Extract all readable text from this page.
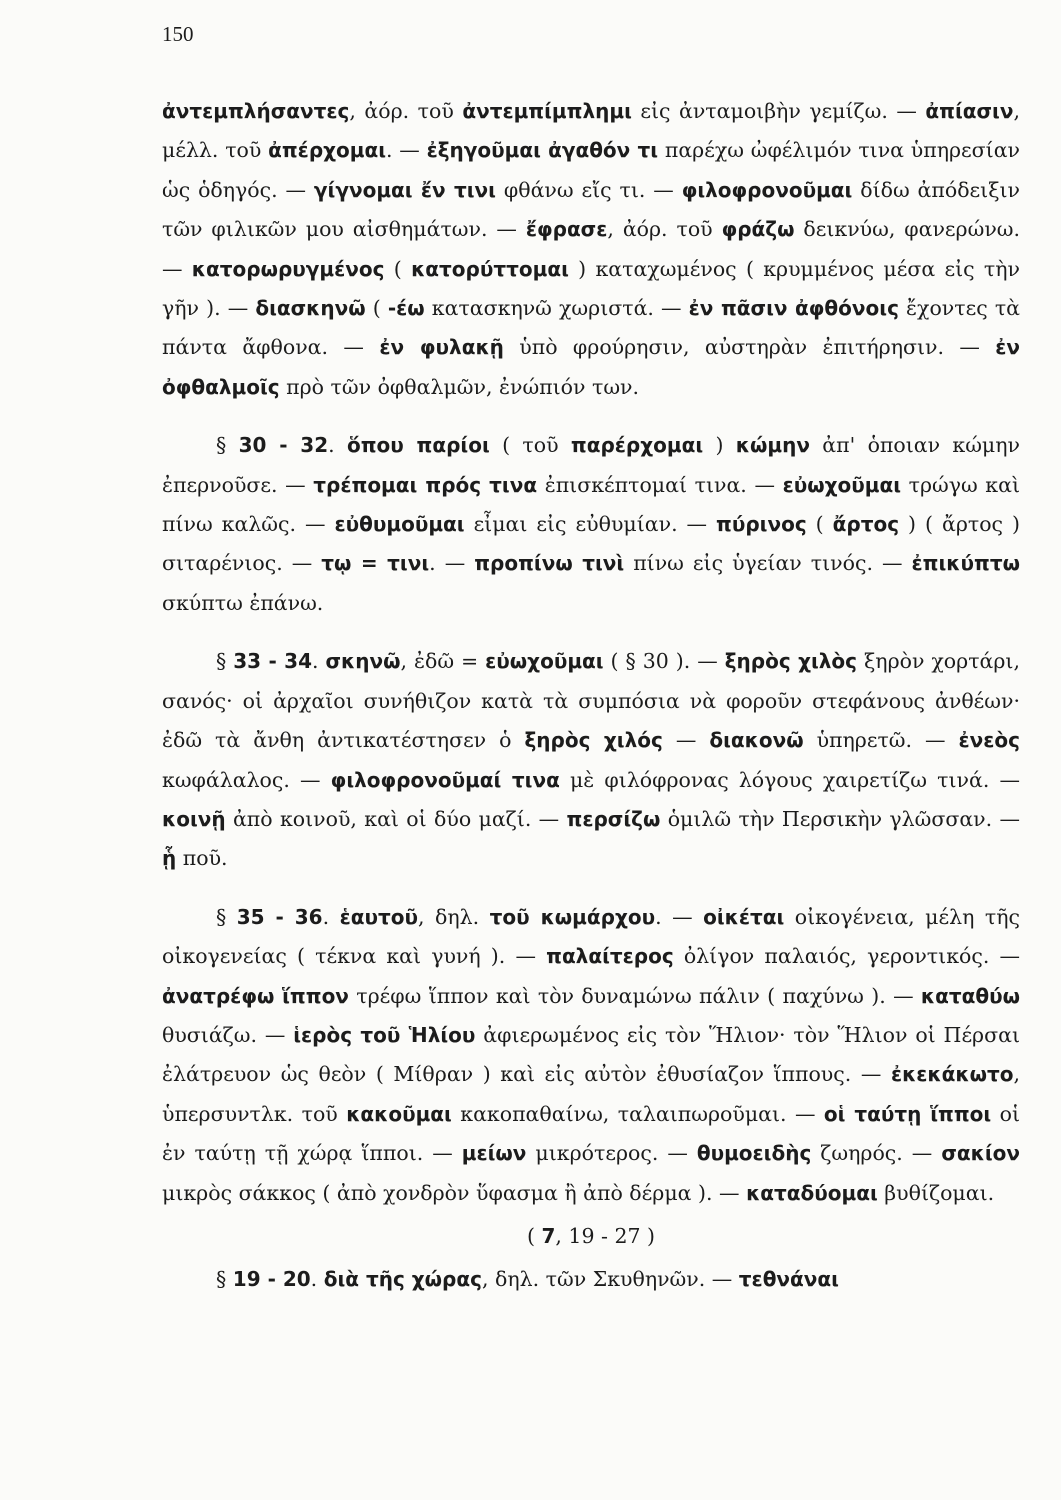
150

ἀντεμπλήσαντες, ἀόρ. τοῦ ἀντεμπίμπλημι εἰς ἀνταμοιβὴν γεμίζω. — ἀπίασιν, μέλλ. τοῦ ἀπέρχομαι. — ἐξηγοῦμαι ἀγαθόν τι παρέχω ὠφέλιμόν τινα ὑπηρεσίαν ὡς ὁδηγός. — γίγνομαι ἔν τινι φθάνω εἴς τι. — φιλοφρονοῦμαι δίδω ἀπόδειξιν τῶν φιλικῶν μου αἰσθημάτων. — ἔφρασε, ἀόρ. τοῦ φράζω δεικνύω, φανερώνω. — κατορωρυγμένος ( κατορύττομαι ) καταχωμένος ( κρυμμένος μέσα εἰς τὴν γῆν ). — διασκηνῶ ( -έω κατασκηνῶ χωριστά. — ἐν πᾶσιν ἀφθόνοις ἔχοντες τὰ πάντα ἄφθονα. — ἐν φυλακῇ ὑπὸ φρούρησιν, αὐστηρὰν ἐπιτήρησιν. — ἐν ὀφθαλμοῖς πρὸ τῶν ὀφθαλμῶν, ἐνώπιόν των.

§ 30 - 32. ὅπου παρίοι ( τοῦ παρέρχομαι ) κώμην ἀπ' ὁποιαν κώμην ἐπερνοῦσε. — τρέπομαι πρός τινα ἐπισκέπτομαί τινα. — εὐωχοῦμαι τρώγω καὶ πίνω καλῶς. — εὐθυμοῦμαι εἶμαι εἰς εὐθυμίαν. — πύρινος ( ἄρτος ) ( ἄρτος ) σιταρένιος. — τῳ = τινι. — προπίνω τινὶ πίνω εἰς ὑγείαν τινός. — ἐπικύπτω σκύπτω ἐπάνω.

§ 33 - 34. σκηνῶ, ἐδῶ = εὐωχοῦμαι ( § 30 ). — ξηρὸς χιλὸς ξηρὸν χορτάρι, σανός· οἱ ἀρχαῖοι συνήθιζον κατὰ τὰ συμπόσια νὰ φοροῦν στεφάνους ἀνθέων· ἐδῶ τὰ ἄνθη ἀντικατέστησεν ὁ ξηρὸς χιλός — διακονῶ ὑπηρετῶ. — ἐνεὸς κωφάλαλος. — φιλοφρονοῦμαί τινα μὲ φιλόφρονας λόγους χαιρετίζω τινά. — κοινῇ ἀπὸ κοινοῦ, καὶ οἱ δύο μαζί. — περσίζω ὁμιλῶ τὴν Περσικὴν γλῶσσαν. — ᾗ ποῦ.

§ 35 - 36. ἑαυτοῦ, δηλ. τοῦ κωμάρχου. — οἰκέται οἰκογένεια, μέλη τῆς οἰκογενείας ( τέκνα καὶ γυνή ). — παλαίτερος ὀλίγον παλαιός, γεροντικός. — ἀνατρέφω ἵππον τρέφω ἵππον καὶ τὸν δυναμώνω πάλιν ( παχύνω ). — καταθύω θυσιάζω. — ἱερὸς τοῦ Ἡλίου ἀφιερωμένος εἰς τὸν Ἥλιον· τὸν Ἥλιον οἱ Πέρσαι ἐλάτρευον ὡς θεὸν ( Μίθραν ) καὶ εἰς αὐτὸν ἐθυσίαζον ἵππους. — ἐκεκάκωτο, ὑπερσυντλκ. τοῦ κακοῦμαι κακοπαθαίνω, ταλαιπωροῦμαι. — οἱ ταύτῃ ἵπποι οἱ ἐν ταύτῃ τῇ χώρᾳ ἵπποι. — μείων μικρότερος. — θυμοειδὴς ζωηρός. — σακίον μικρὸς σάκκος ( ἀπὸ χονδρὸν ὕφασμα ἢ ἀπὸ δέρμα ). — καταδύομαι βυθίζομαι.

( 7, 19 - 27 )

§ 19 - 20. διὰ τῆς χώρας, δηλ. τῶν Σκυθηνῶν. — τεθνάναι
